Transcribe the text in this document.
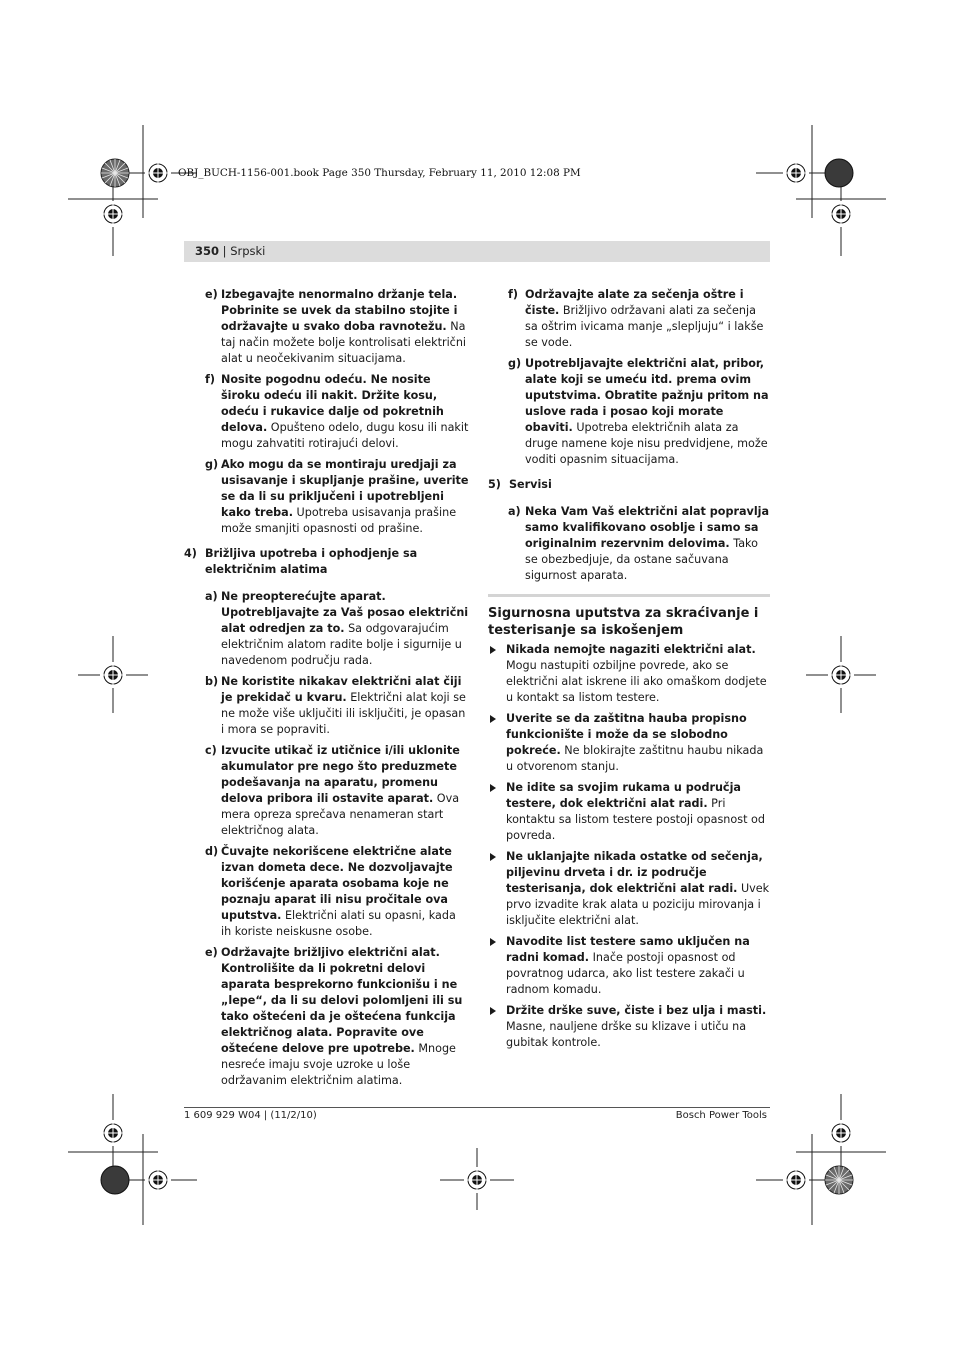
OBJ_BUCH-1156-001.book Page 350 Thursday, February 11, 2010 12:08 PM
350 | Srpski
e) Izbegavajte nenormalno držanje tela. Pobrinite se uvek da stabilno stojite i održavajte u svako doba ravnotežu. Na taj način možete bolje kontrolisati električni alat u neočekivanim situacijama.
f) Nosite pogodnu odeću. Ne nosite široku odeću ili nakit. Držite kosu, odeću i rukavice dalje od pokretnih delova. Opušteno odelo, dugu kosu ili nakit mogu zahvatiti rotirajući delovi.
g) Ako mogu da se montiraju uredjaji za usisavanje i skupljanje prašine, uverite se da li su priključeni i upotrebljeni kako treba. Upotreba usisavanja prašine može smanjiti opasnosti od prašine.
4) Brižljiva upotreba i ophodjenje sa električnim alatima
a) Ne preopterećujte aparat. Upotrebljavajte za Vaš posao električni alat odredjen za to. Sa odgovarajućim električnim alatom radite bolje i sigurnije u navedenom području rada.
b) Ne koristite nikakav električni alat čiji je prekidač u kvaru. Električni alat koji se ne može više uključiti ili isključiti, je opasan i mora se popraviti.
c) Izvucite utikač iz utičnice i/ili uklonite akumulator pre nego što preduzmete podešavanja na aparatu, promenu delova pribora ili ostavite aparat. Ova mera opreza sprečava nenameran start električnog alata.
d) Čuvajte nekorišcene električne alate izvan dometa dece. Ne dozvoljavajte korišćenje aparata osobama koje ne poznaju aparat ili nisu pročitale ova uputstva. Električni alati su opasni, kada ih koriste neiskusne osobe.
e) Održavajte brižljivo električni alat. Kontrolišite da li pokretni delovi aparata besprekorno funkcionišu i ne „lepe“, da li su delovi polomljeni ili su tako oštećeni da je oštećena funkcija električnog alata. Popravite ove oštećene delove pre upotrebe. Mnoge nesreće imaju svoje uzroke u loše održavanim električnim alatima.
f) Održavajte alate za sečenja oštre i čiste. Brižljivo održavani alati za sečenja sa oštrim ivicama manje „slepljuju“ i lakše se vode.
g) Upotrebljavajte električni alat, pribor, alate koji se umeću itd. prema ovim uputstvima. Obratite pažnju pritom na uslove rada i posao koji morate obaviti. Upotreba električnih alata za druge namene koje nisu predvidjene, može voditi opasnim situacijama.
5) Servisi
a) Neka Vam Vaš električni alat popravlja samo kvalifikovano osoblje i samo sa originalnim rezervnim delovima. Tako se obezbedjuje, da ostane sačuvana sigurnost aparata.
Sigurnosna uputstva za skraćivanje i testerisanje sa iskošenjem
Nikada nemojte nagaziti električni alat. Mogu nastupiti ozbiljne povrede, ako se električni alat iskrene ili ako omaškom dodjete u kontakt sa listom testere.
Uverite se da zaštitna hauba propisno funkcionište i može da se slobodno pokreće. Ne blokirajte zaštitnu haubu nikada u otvorenom stanju.
Ne idite sa svojim rukama u područja testere, dok električni alat radi. Pri kontaktu sa listom testere postoji opasnost od povreda.
Ne uklanjajte nikada ostatke od sečenja, piljevinu drveta i dr. iz područje testerisanja, dok električni alat radi. Uvek prvo izvadite krak alata u poziciju mirovanja i isključite električni alat.
Navodite list testere samo uključen na radni komad. Inače postoji opasnost od povratnog udarca, ako list testere zakači u radnom komadu.
Držite drške suve, čiste i bez ulja i masti. Masne, nauljene drške su klizave i utiču na gubitak kontrole.
1 609 929 W04 | (11/2/10)	Bosch Power Tools
